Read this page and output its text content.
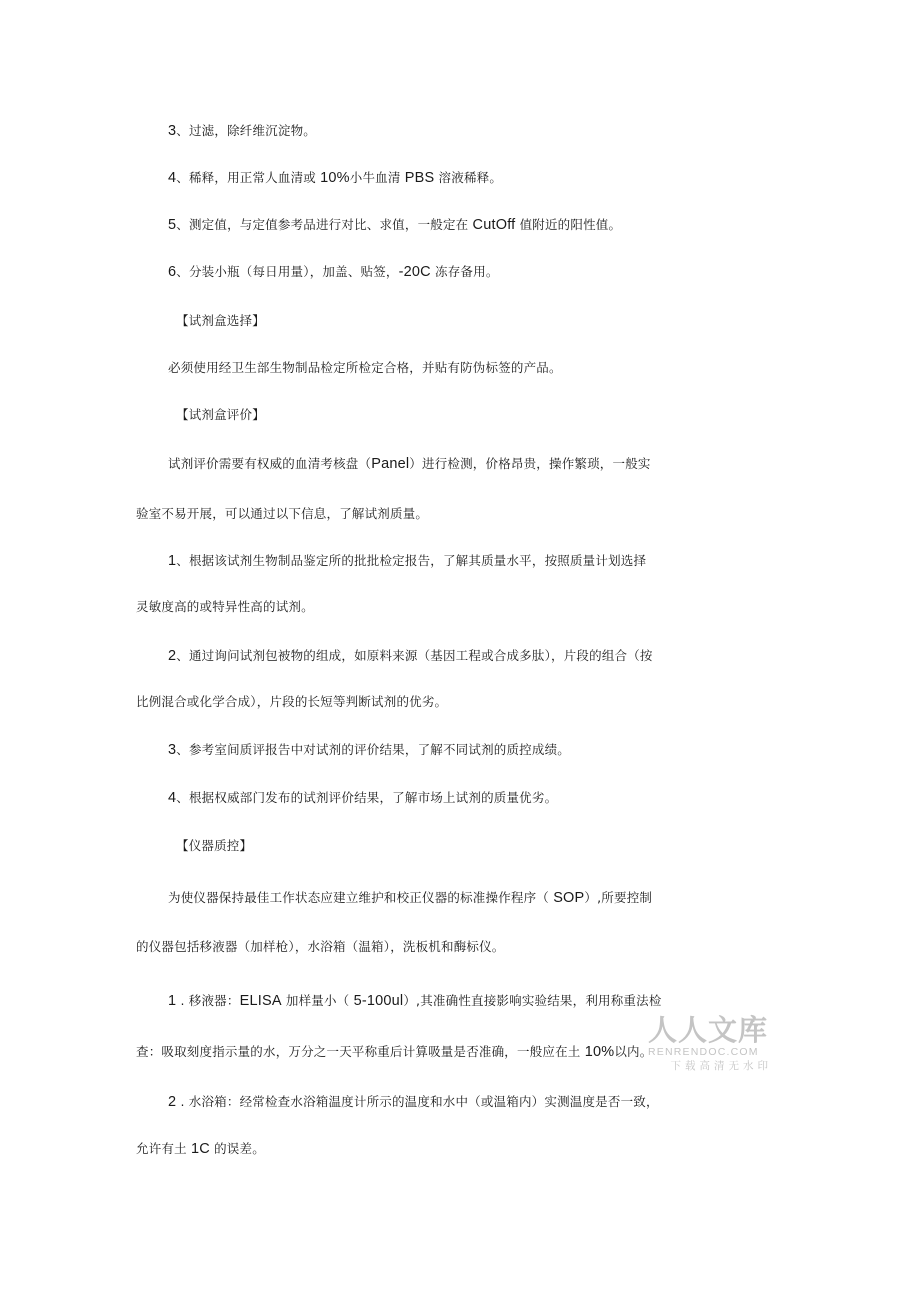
3、过滤，除纤维沉淀物。
4、稀释，用正常人血清或 10%小牛血清 PBS 溶液稀释。
5、测定值，与定值参考品进行对比、求值，一般定在 CutOff 值附近的阳性值。
6、分装小瓶（每日用量），加盖、贴签，-20C 冻存备用。
【试剂盒选择】
必须使用经卫生部生物制品检定所检定合格，并贴有防伪标签的产品。
【试剂盒评价】
试剂评价需要有权威的血清考核盘（Panel）进行检测，价格昂贵，操作繁琐，一般实
验室不易开展，可以通过以下信息，了解试剂质量。
1、根据该试剂生物制品鉴定所的批批检定报告，了解其质量水平，按照质量计划选择
灵敏度高的或特异性高的试剂。
2、通过询问试剂包被物的组成，如原料来源（基因工程或合成多肽），片段的组合（按
比例混合或化学合成），片段的长短等判断试剂的优劣。
3、参考室间质评报告中对试剂的评价结果，了解不同试剂的质控成绩。
4、根据权威部门发布的试剂评价结果，了解市场上试剂的质量优劣。
【仪器质控】
为使仪器保持最佳工作状态应建立维护和校正仪器的标准操作程序（ SOP）,所要控制
的仪器包括移液器（加样枪），水浴箱（温箱），洗板机和酶标仪。
1 . 移液器：ELISA 加样量小（ 5-100ul）,其准确性直接影响实验结果，利用称重法检
查：吸取刻度指示量的水，万分之一天平称重后计算吸量是否准确，一般应在土 10%以内。
2 . 水浴箱：经常检查水浴箱温度计所示的温度和水中（或温箱内）实测温度是否一致，
允许有土 1C 的误差。
人人文库
RENRENDOC.COM
下载高清无水印
